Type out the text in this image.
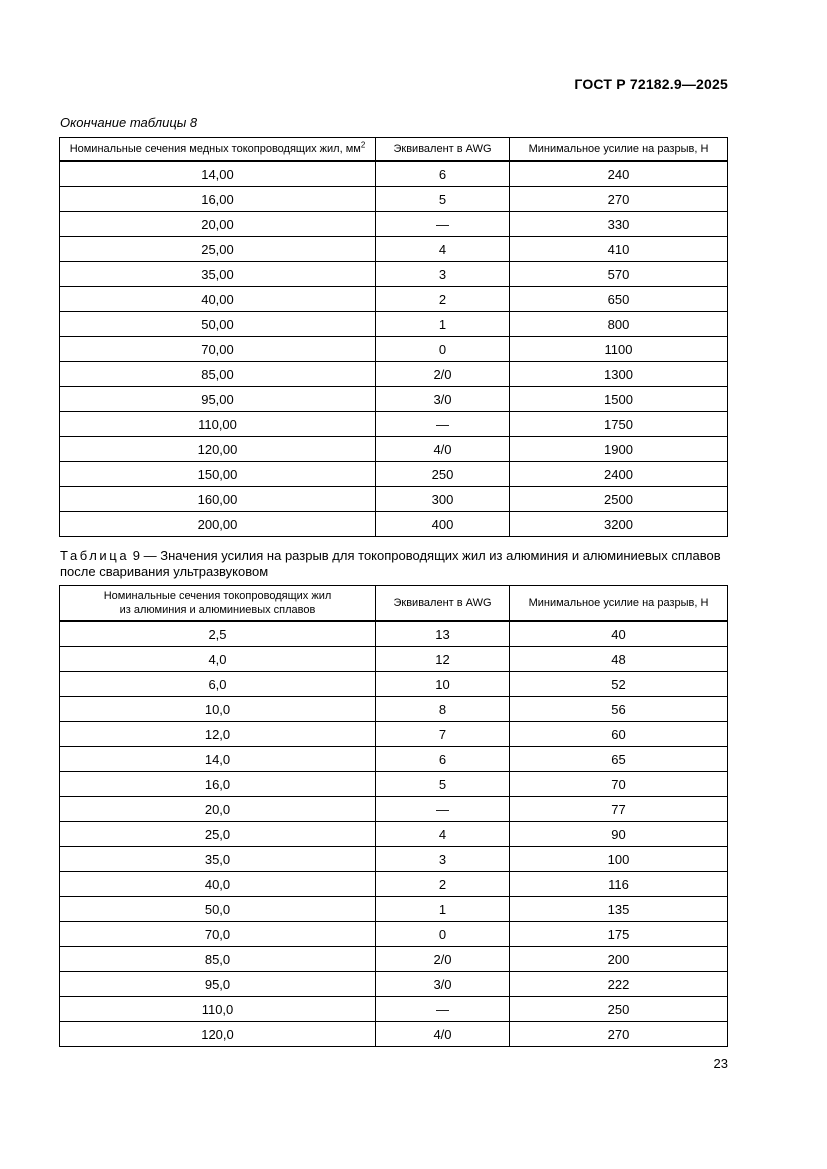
ГОСТ Р 72182.9—2025
Окончание таблицы 8
Номинальные сечения медных токопроводящих жил, $мм^2$	Эквивалент в AWG	Минимальное усилие на разрыв, Н
14,00	6	240
16,00	5	270
20,00	—	330
25,00	4	410
35,00	3	570
40,00	2	650
50,00	1	800
70,00	0	1100
85,00	2/0	1300
95,00	3/0	1500
110,00	—	1750
120,00	4/0	1900
150,00	250	2400
160,00	300	2500
200,00	400	3200
Таблица 9 — Значения усилия на разрыв для токопроводящих жил из алюминия и алюминиевых сплавов после сваривания ультразвуковом
Номинальные сечения токопроводящих жил
из алюминия и алюминиевых сплавов	Эквивалент в AWG	Минимальное усилие на разрыв, Н
2,5	13	40
4,0	12	48
6,0	10	52
10,0	8	56
12,0	7	60
14,0	6	65
16,0	5	70
20,0	—	77
25,0	4	90
35,0	3	100
40,0	2	116
50,0	1	135
70,0	0	175
85,0	2/0	200
95,0	3/0	222
110,0	—	250
120,0	4/0	270
23
